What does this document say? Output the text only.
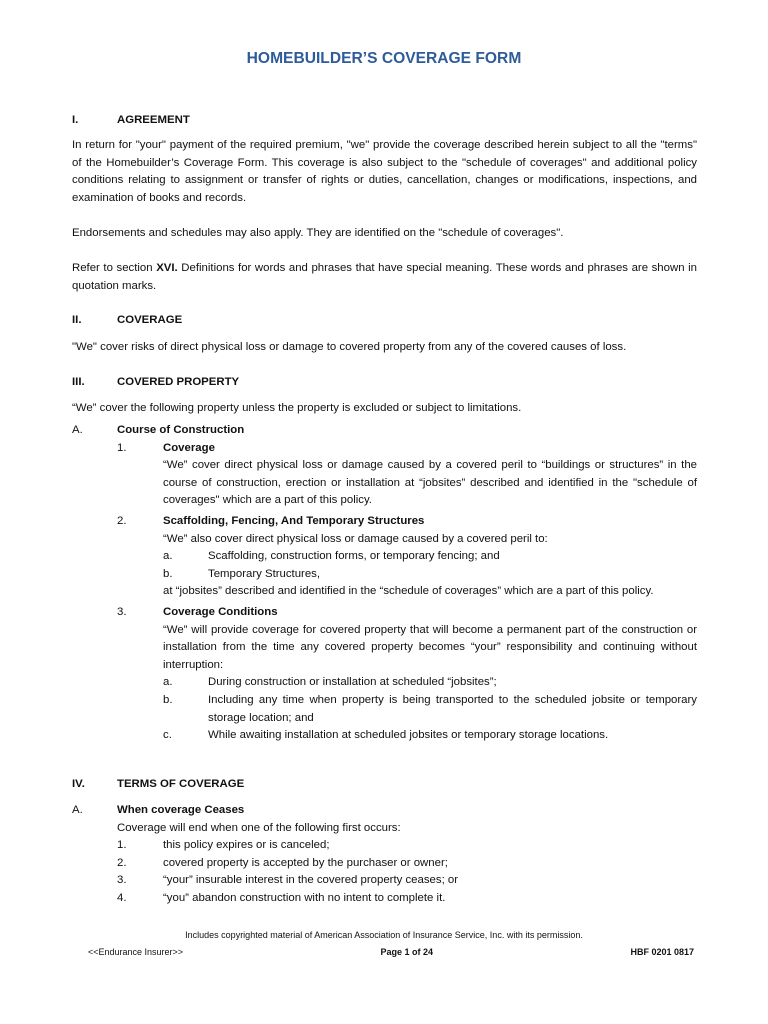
HOMEBUILDER’S COVERAGE FORM
I.	AGREEMENT
In return for "your" payment of the required premium, "we" provide the coverage described herein subject to all the "terms" of the Homebuilder’s Coverage Form. This coverage is also subject to the "schedule of coverages" and additional policy conditions relating to assignment or transfer of rights or duties, cancellation, changes or modifications, inspections, and examination of books and records.
Endorsements and schedules may also apply. They are identified on the "schedule of coverages".
Refer to section XVI. Definitions for words and phrases that have special meaning. These words and phrases are shown in quotation marks.
II.	COVERAGE
"We" cover risks of direct physical loss or damage to covered property from any of the covered causes of loss.
III.	COVERED PROPERTY
“We” cover the following property unless the property is excluded or subject to limitations.
A.	Course of Construction
1.	Coverage
“We” cover direct physical loss or damage caused by a covered peril to “buildings or structures” in the course of construction, erection or installation at “jobsites” described and identified in the "schedule of coverages" which are a part of this policy.
2.	Scaffolding, Fencing, And Temporary Structures
“We” also cover direct physical loss or damage caused by a covered peril to:
a.	Scaffolding, construction forms, or temporary fencing; and
b.	Temporary Structures,
at “jobsites” described and identified in the “schedule of coverages” which are a part of this policy.
3.	Coverage Conditions
“We” will provide coverage for covered property that will become a permanent part of the construction or installation from the time any covered property becomes “your” responsibility and continuing without interruption:
a.	During construction or installation at scheduled “jobsites”;
b.	Including any time when property is being transported to the scheduled jobsite or temporary storage location; and
c.	While awaiting installation at scheduled jobsites or temporary storage locations.
IV.	TERMS OF COVERAGE
A.	When coverage Ceases
Coverage will end when one of the following first occurs:
1.	this policy expires or is canceled;
2.	covered property is accepted by the purchaser or owner;
3.	“your” insurable interest in the covered property ceases; or
4.	“you” abandon construction with no intent to complete it.
Includes copyrighted material of American Association of Insurance Service, Inc. with its permission.
<<Endurance Insurer>>	Page 1 of 24	HBF 0201 0817
